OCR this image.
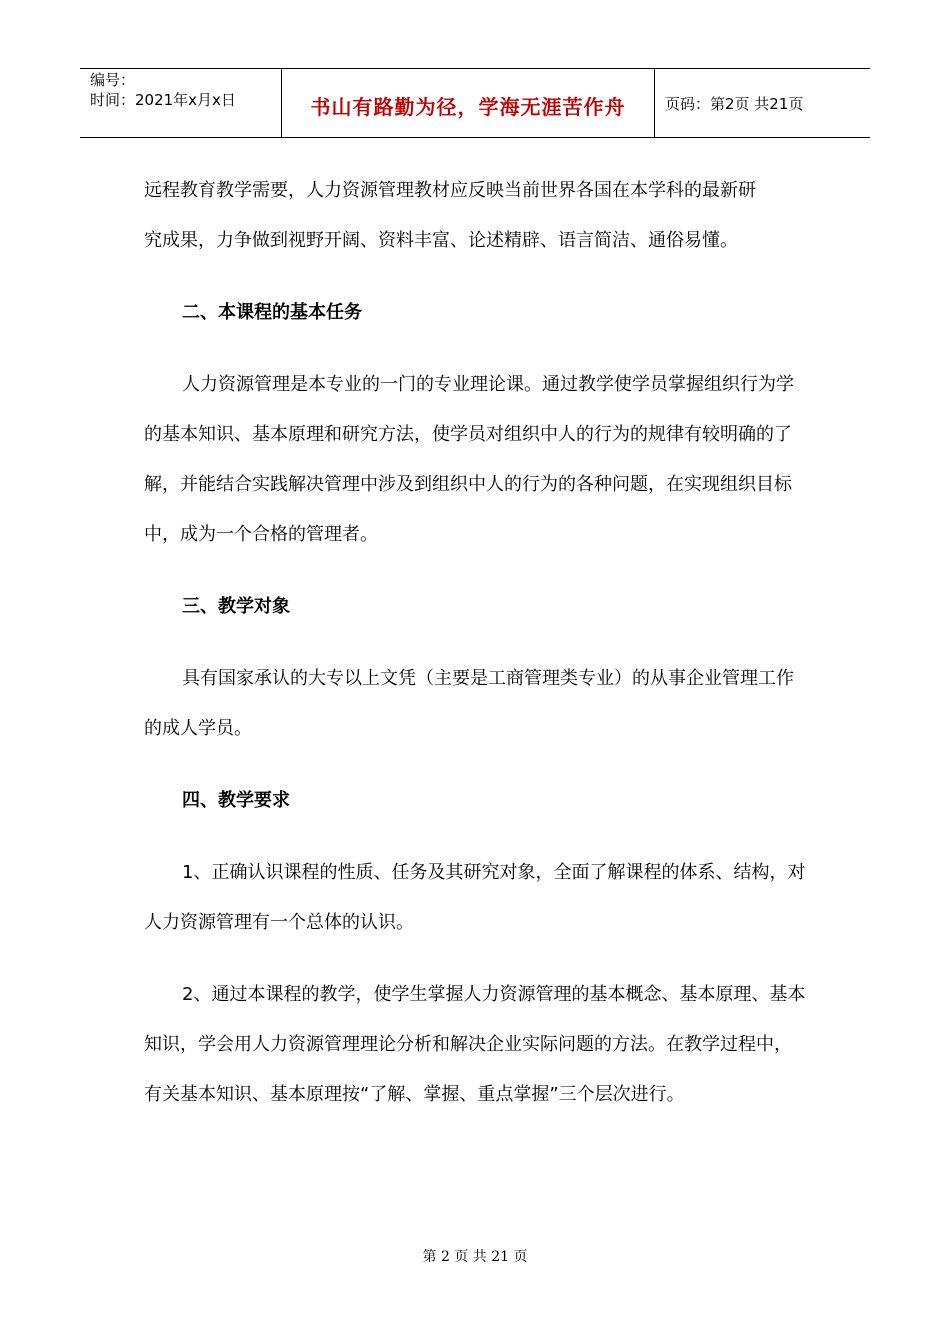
编号：
时间：2021年x月x日	书山有路勤为径，学海无涯苦作舟	页码：第2页 共21页

远程教育教学需要，人力资源管理教材应反映当前世界各国在本学科的最新研

究成果，力争做到视野开阔、资料丰富、论述精辟、语言简洁、通俗易懂。

二、本课程的基本任务

人力资源管理是本专业的一门的专业理论课。通过教学使学员掌握组织行为学的基本知识、基本原理和研究方法，使学员对组织中人的行为的规律有较明确的了解，并能结合实践解决管理中涉及到组织中人的行为的各种问题，在实现组织目标中，成为一个合格的管理者。

三、教学对象

具有国家承认的大专以上文凭（主要是工商管理类专业）的从事企业管理工作的成人学员。

四、教学要求

1、正确认识课程的性质、任务及其研究对象，全面了解课程的体系、结构，对人力资源管理有一个总体的认识。

2、通过本课程的教学，使学生掌握人力资源管理的基本概念、基本原理、基本知识，学会用人力资源管理理论分析和解决企业实际问题的方法。在教学过程中，有关基本知识、基本原理按“了解、掌握、重点掌握”三个层次进行。

第 2 页 共 21 页
